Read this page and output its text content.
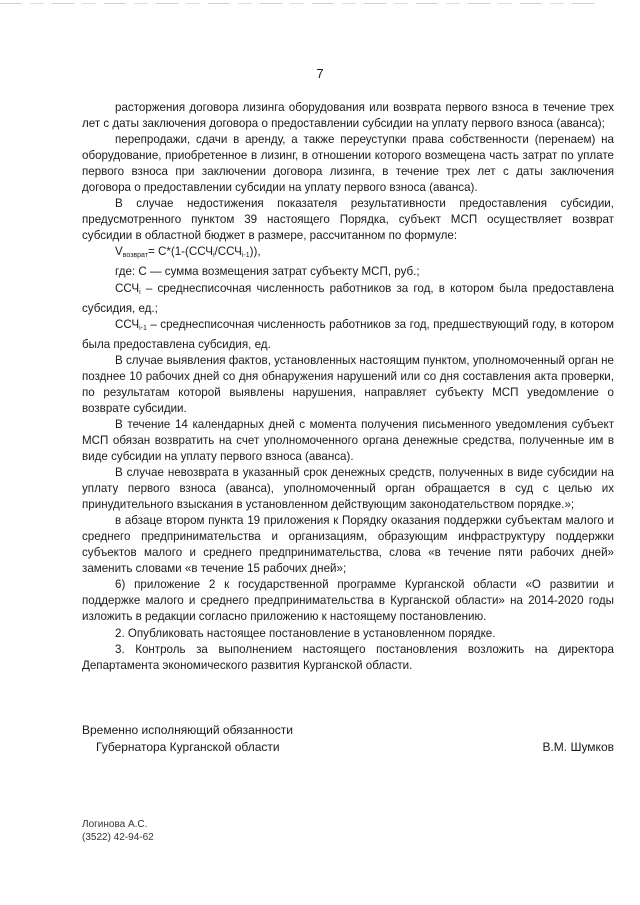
7

расторжения договора лизинга оборудования или возврата первого взноса в течение трех лет с даты заключения договора о предоставлении субсидии на уплату первого взноса (аванса);

перепродажи, сдачи в аренду, а также переуступки права собственности (перенаем) на оборудование, приобретенное в лизинг, в отношении которого возмещена часть затрат по уплате первого взноса при заключении договора лизинга, в течение трех лет с даты заключения договора о предоставлении субсидии на уплату первого взноса (аванса).

В случае недостижения показателя результативности предоставления субсидии, предусмотренного пунктом 39 настоящего Порядка, субъект МСП осуществляет возврат субсидии в областной бюджет в размере, рассчитанном по формуле:

$V_{возврат}= C*(1-(ССЧ_i/ССЧ_{i-1}))$,

где: С — сумма возмещения затрат субъекту МСП, руб.;

$ССЧ_i$ – среднесписочная численность работников за год, в котором была предоставлена субсидия, ед.;

$ССЧ_{i-1}$ – среднесписочная численность работников за год, предшествующий году, в котором была предоставлена субсидия, ед.

В случае выявления фактов, установленных настоящим пунктом, уполномоченный орган не позднее 10 рабочих дней со дня обнаружения нарушений или со дня составления акта проверки, по результатам которой выявлены нарушения, направляет субъекту МСП уведомление о возврате субсидии.

В течение 14 календарных дней с момента получения письменного уведомления субъект МСП обязан возвратить на счет уполномоченного органа денежные средства, полученные им в виде субсидии на уплату первого взноса (аванса).

В случае невозврата в указанный срок денежных средств, полученных в виде субсидии на уплату первого взноса (аванса), уполномоченный орган обращается в суд с целью их принудительного взыскания в установленном действующим законодательством порядке.»;

в абзаце втором пункта 19 приложения к Порядку оказания поддержки субъектам малого и среднего предпринимательства и организациям, образующим инфраструктуру поддержки субъектов малого и среднего предпринимательства, слова «в течение пяти рабочих дней» заменить словами «в течение 15 рабочих дней»;

6) приложение 2 к государственной программе Курганской области «О развитии и поддержке малого и среднего предпринимательства в Курганской области» на 2014-2020 годы изложить в редакции согласно приложению к настоящему постановлению.

2. Опубликовать настоящее постановление в установленном порядке.

3. Контроль за выполнением настоящего постановления возложить на директора Департамента экономического развития Курганской области.

Временно исполняющий обязанности
Губернатора Курганской области	В.М. Шумков
Логинова А.С.
(3522) 42-94-62
